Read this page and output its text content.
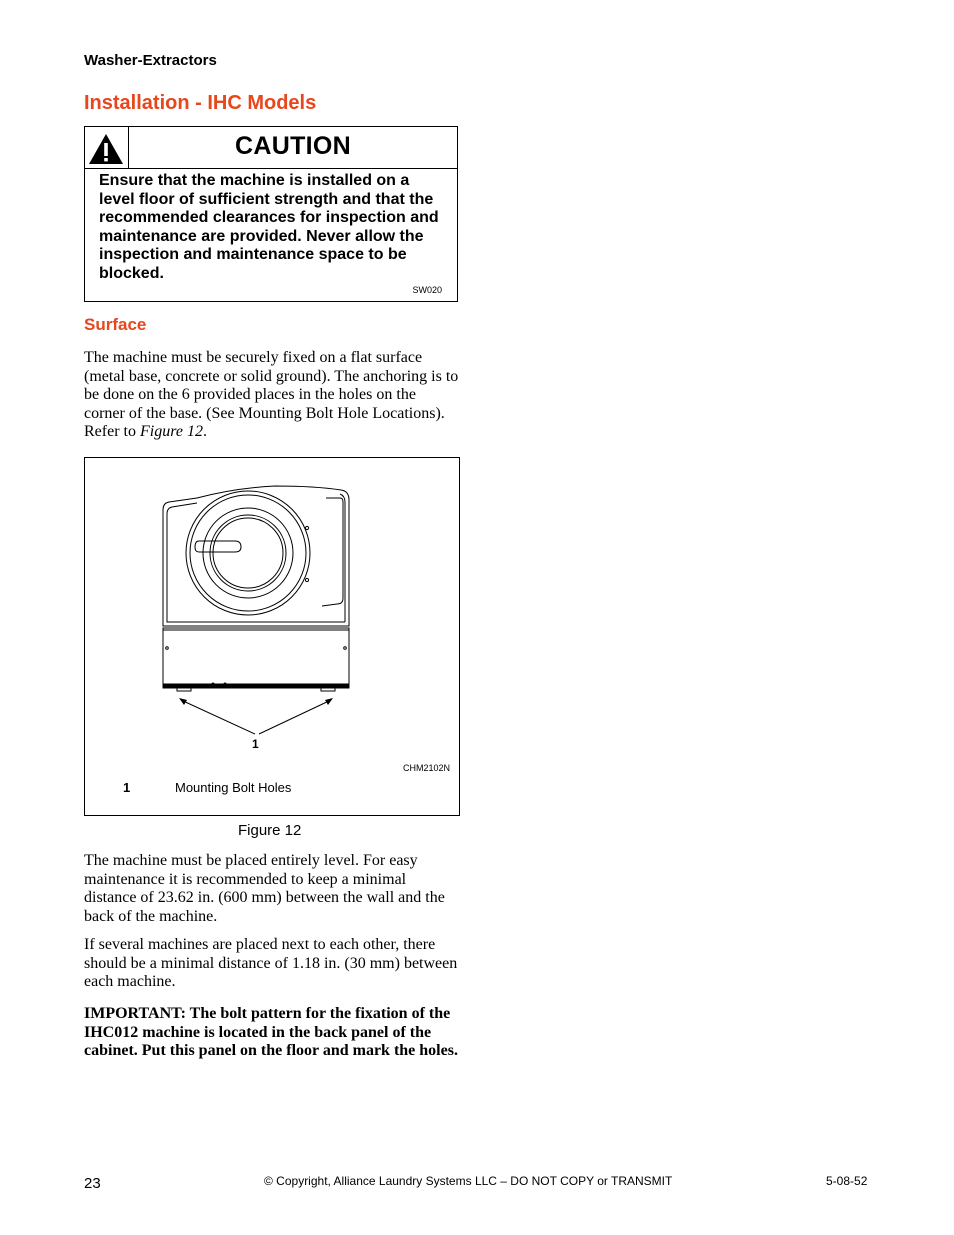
Washer-Extractors
Installation - IHC Models
CAUTION
Ensure that the machine is installed on a level floor of sufficient strength and that the recommended clearances for inspection and maintenance are provided. Never allow the inspection and maintenance space to be blocked.
SW020
Surface
The machine must be securely fixed on a flat surface (metal base, concrete or solid ground). The anchoring is to be done on the 6 provided places in the holes on the corner of the base. (See Mounting Bolt Hole Locations). Refer to Figure 12.
1
CHM2102N
1	Mounting Bolt Holes
Figure 12
The machine must be placed entirely level. For easy maintenance it is recommended to keep a minimal distance of 23.62 in. (600 mm) between the wall and the back of the machine.
If several machines are placed next to each other, there should be a minimal distance of 1.18 in. (30 mm) between each machine.
IMPORTANT: The bolt pattern for the fixation of the IHC012 machine is located in the back panel of the cabinet. Put this panel on the floor and mark the holes.
23	© Copyright, Alliance Laundry Systems LLC – DO NOT COPY or TRANSMIT	5-08-52
